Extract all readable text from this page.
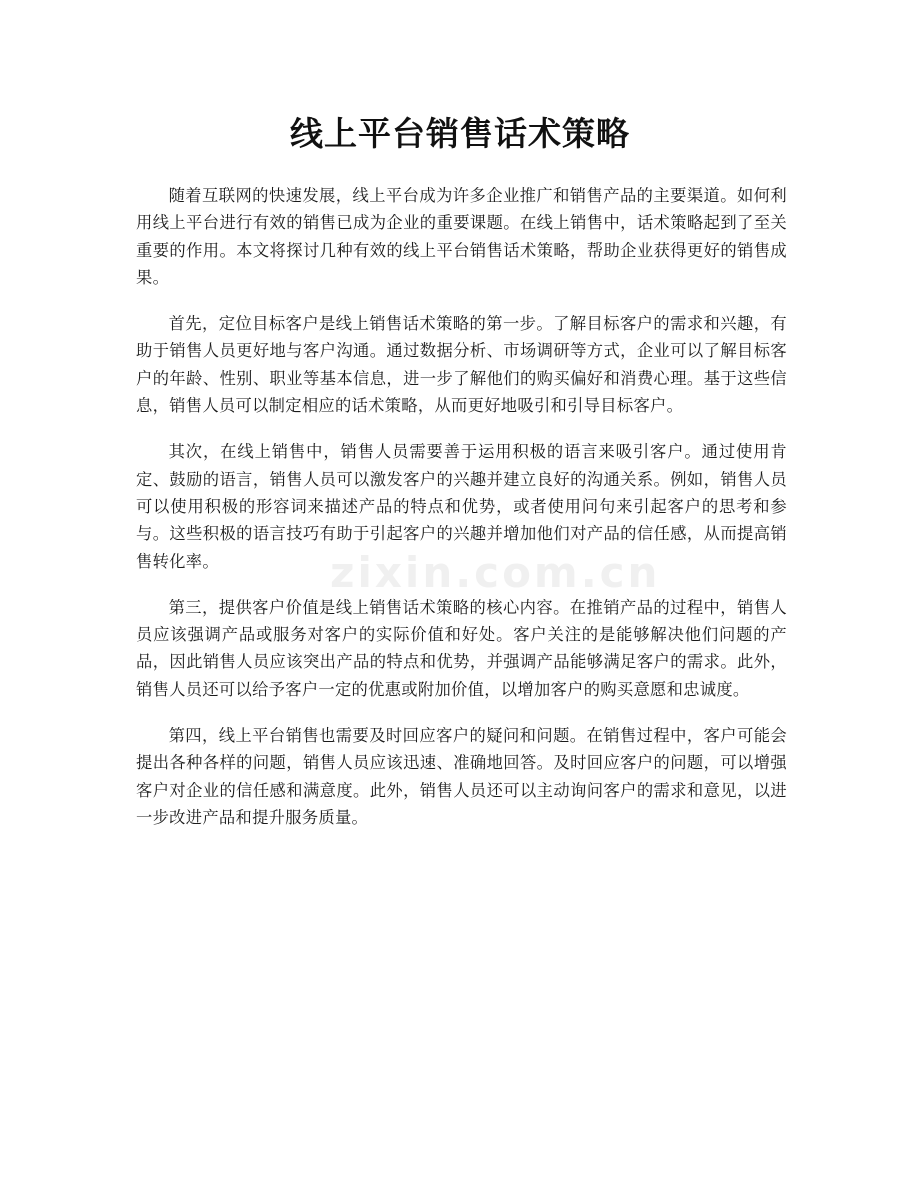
线上平台销售话术策略

随着互联网的快速发展，线上平台成为许多企业推广和销售产品的主要渠道。如何利用线上平台进行有效的销售已成为企业的重要课题。在线上销售中，话术策略起到了至关重要的作用。本文将探讨几种有效的线上平台销售话术策略，帮助企业获得更好的销售成果。

首先，定位目标客户是线上销售话术策略的第一步。了解目标客户的需求和兴趣，有助于销售人员更好地与客户沟通。通过数据分析、市场调研等方式，企业可以了解目标客户的年龄、性别、职业等基本信息，进一步了解他们的购买偏好和消费心理。基于这些信息，销售人员可以制定相应的话术策略，从而更好地吸引和引导目标客户。

其次，在线上销售中，销售人员需要善于运用积极的语言来吸引客户。通过使用肯定、鼓励的语言，销售人员可以激发客户的兴趣并建立良好的沟通关系。例如，销售人员可以使用积极的形容词来描述产品的特点和优势，或者使用问句来引起客户的思考和参与。这些积极的语言技巧有助于引起客户的兴趣并增加他们对产品的信任感，从而提高销售转化率。

第三，提供客户价值是线上销售话术策略的核心内容。在推销产品的过程中，销售人员应该强调产品或服务对客户的实际价值和好处。客户关注的是能够解决他们问题的产品，因此销售人员应该突出产品的特点和优势，并强调产品能够满足客户的需求。此外，销售人员还可以给予客户一定的优惠或附加价值，以增加客户的购买意愿和忠诚度。

第四，线上平台销售也需要及时回应客户的疑问和问题。在销售过程中，客户可能会提出各种各样的问题，销售人员应该迅速、准确地回答。及时回应客户的问题，可以增强客户对企业的信任感和满意度。此外，销售人员还可以主动询问客户的需求和意见，以进一步改进产品和提升服务质量。

zixin.com.cn
